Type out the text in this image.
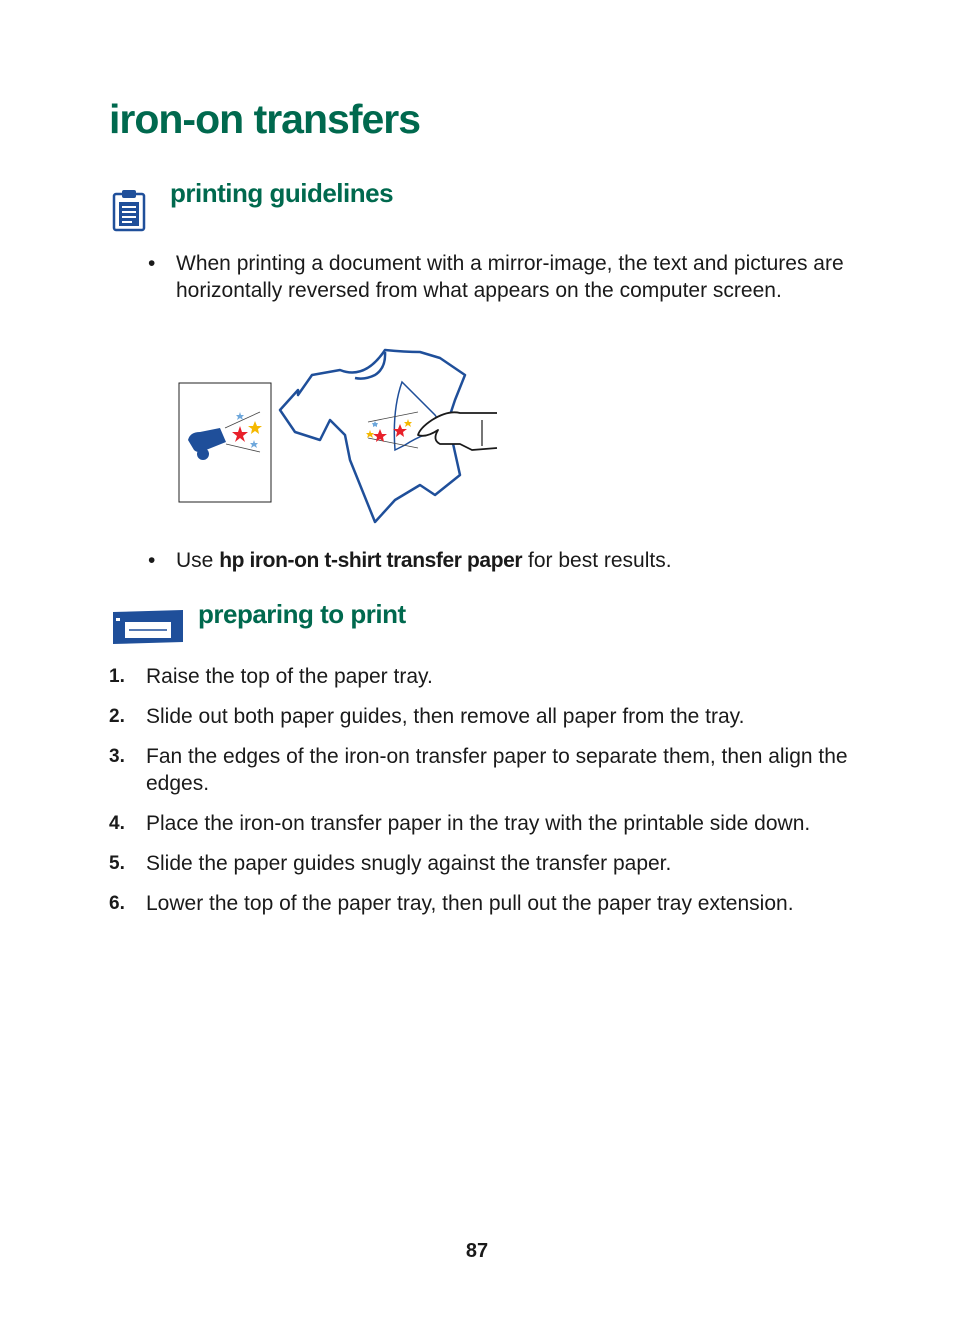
iron-on transfers
printing guidelines
• When printing a document with a mirror-image, the text and pictures are horizontally reversed from what appears on the computer screen.
• Use hp iron-on t-shirt transfer paper for best results.
preparing to print
1. Raise the top of the paper tray.
2. Slide out both paper guides, then remove all paper from the tray.
3. Fan the edges of the iron-on transfer paper to separate them, then align the edges.
4. Place the iron-on transfer paper in the tray with the printable side down.
5. Slide the paper guides snugly against the transfer paper.
6. Lower the top of the paper tray, then pull out the paper tray extension.
87
